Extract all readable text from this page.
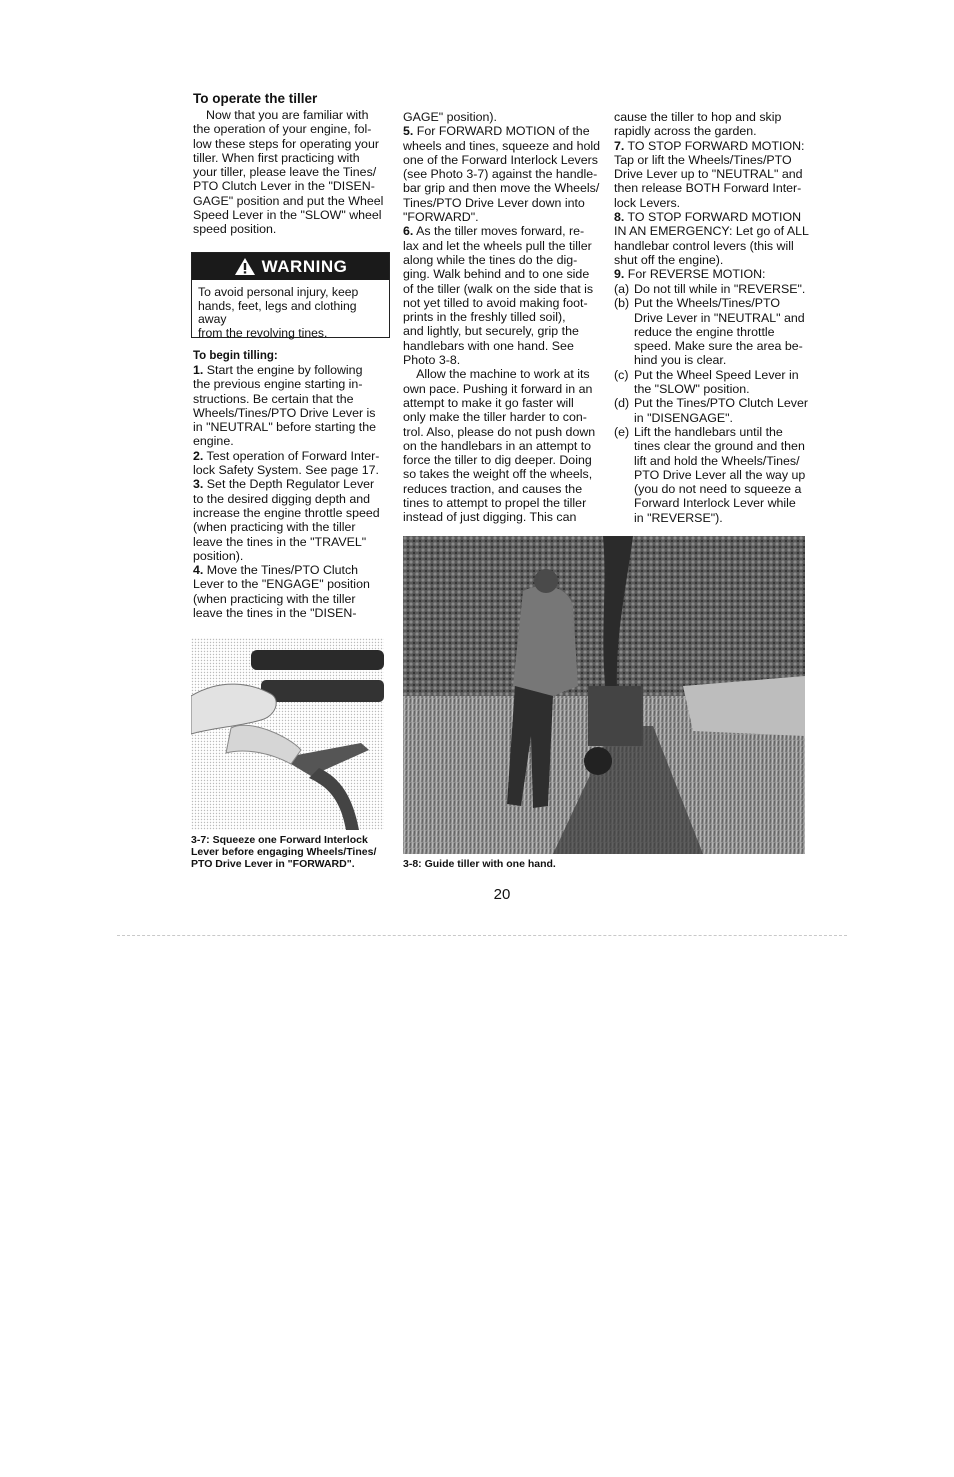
To operate the tiller
Now that you are familiar with
the operation of your engine, fol-
low these steps for operating your
tiller. When first practicing with
your tiller, please leave the Tines/
PTO Clutch Lever in the "DISEN-
GAGE" position and put the Wheel
Speed Lever in the "SLOW" wheel
speed position.
WARNING
To avoid personal injury, keep
hands, feet, legs and clothing away
from the revolving tines.
To begin tilling:
1. Start the engine by following
the previous engine starting in-
structions. Be certain that the
Wheels/Tines/PTO Drive Lever is
in "NEUTRAL" before starting the
engine.
2. Test operation of Forward Inter-
lock Safety System. See page 17.
3. Set the Depth Regulator Lever
to the desired digging depth and
increase the engine throttle speed
(when practicing with the tiller
leave the tines in the "TRAVEL"
position).
4. Move the Tines/PTO Clutch
Lever to the "ENGAGE" position
(when practicing with the tiller
leave the tines in the "DISEN-
GAGE" position).
5. For FORWARD MOTION of the
wheels and tines, squeeze and hold
one of the Forward Interlock Levers
(see Photo 3-7) against the handle-
bar grip and then move the Wheels/
Tines/PTO Drive Lever down into
"FORWARD".
6. As the tiller moves forward, re-
lax and let the wheels pull the tiller
along while the tines do the dig-
ging. Walk behind and to one side
of the tiller (walk on the side that is
not yet tilled to avoid making foot-
prints in the freshly tilled soil),
and lightly, but securely, grip the
handlebars with one hand. See
Photo 3-8.
Allow the machine to work at its
own pace. Pushing it forward in an
attempt to make it go faster will
only make the tiller harder to con-
trol. Also, please do not push down
on the handlebars in an attempt to
force the tiller to dig deeper. Doing
so takes the weight off the wheels,
reduces traction, and causes the
tines to attempt to propel the tiller
instead of just digging. This can
cause the tiller to hop and skip
rapidly across the garden.
7. TO STOP FORWARD MOTION:
Tap or lift the Wheels/Tines/PTO
Drive Lever up to "NEUTRAL" and
then release BOTH Forward Inter-
lock Levers.
8. TO STOP FORWARD MOTION
IN AN EMERGENCY: Let go of ALL
handlebar control levers (this will
shut off the engine).
9. For REVERSE MOTION:
(a) Do not till while in "REVERSE".
(b) Put the Wheels/Tines/PTO
Drive Lever in "NEUTRAL" and
reduce the engine throttle
speed. Make sure the area be-
hind you is clear.
(c) Put the Wheel Speed Lever in
the "SLOW" position.
(d) Put the Tines/PTO Clutch Lever
in "DISENGAGE".
(e) Lift the handlebars until the
tines clear the ground and then
lift and hold the Wheels/Tines/
PTO Drive Lever all the way up
(you do not need to squeeze a
Forward Interlock Lever while
in "REVERSE").
3-7: Squeeze one Forward Interlock
Lever before engaging Wheels/Tines/
PTO Drive Lever in "FORWARD".	3-8: Guide tiller with one hand.
20
